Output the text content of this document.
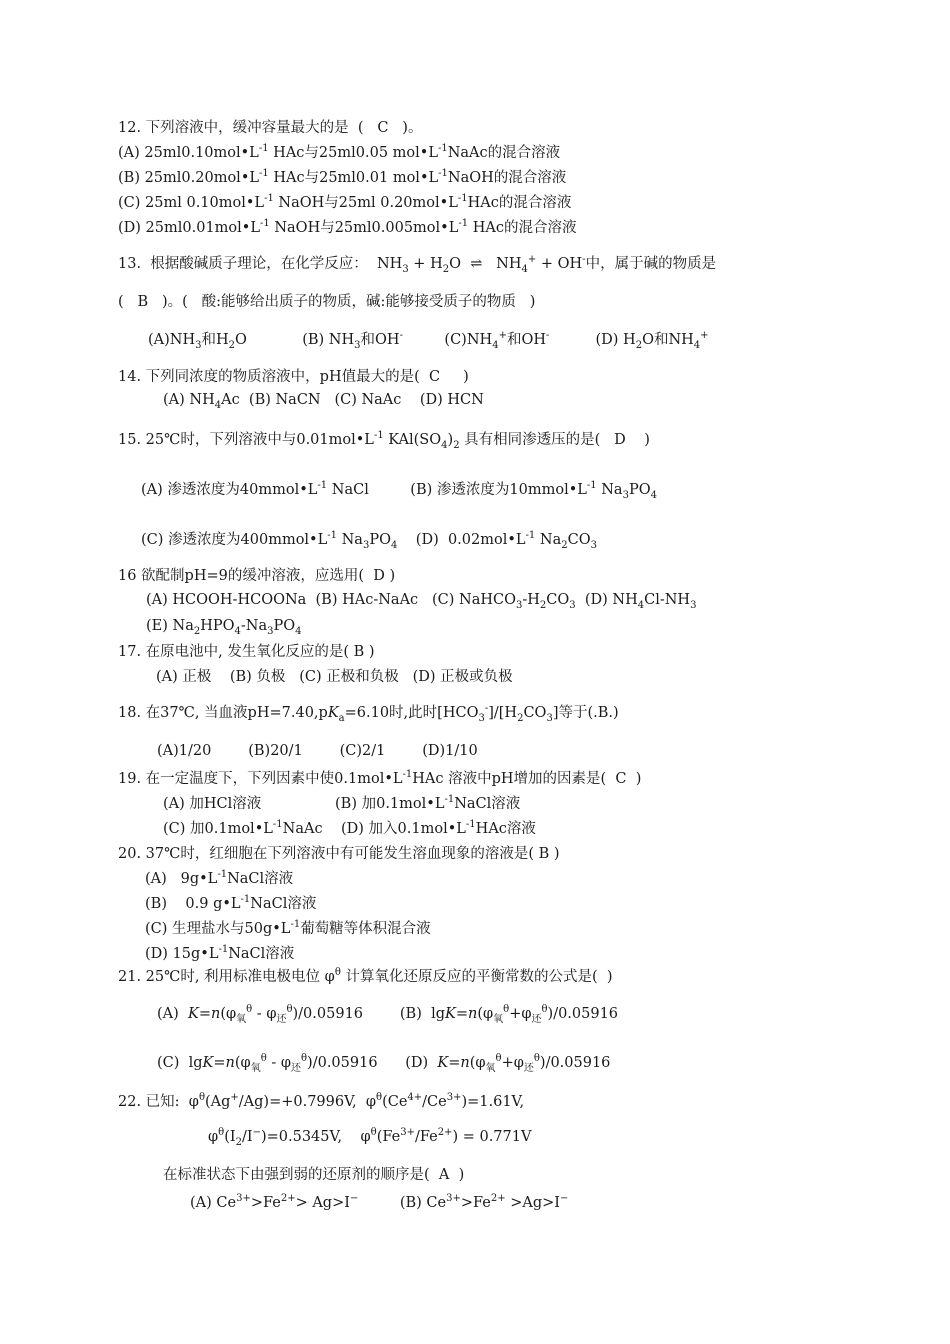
12. 下列溶液中，缓冲容量最大的是  (   C   )。
(A) $25ml0.10mol•L^{-1}$ HAc与25ml0.05 $mol•L^{-1}NaAc$的混合溶液
(B) $25ml0.20mol•L^{-1}$ HAc与25ml0.01 $mol•L^{-1}NaOH$的混合溶液
(C) 25ml $0.10mol•L^{-1}$ NaOH与25ml $0.20mol•L^{-1}HAc$的混合溶液
(D) $25ml0.01mol•L^{-1}$ NaOH与$25ml0.005mol•L^{-1}$ HAc的混合溶液
13.  根据酸碱质子理论，在化学反应：  $NH_3 + H_2O$  ⇌   $NH_4^+ + OH^-$中，属于碱的物质是
(   B   )。(   酸:能够给出质子的物质，碱:能够接受质子的物质   )
$(A)NH_3$和$H_2O$            (B) $NH_3$和OH-         $(C)NH_4^+$和OH-          (D) $H_2O$和$NH_4^+$
14. 下列同浓度的物质溶液中，pH值最大的是(  C     )
(A) $NH_4Ac$  (B) NaCN   (C) NaAc    (D) HCN
15. 25℃时，下列溶液中与$0.01mol•L^{-1}$ $KAl(SO_4)_2$ 具有相同渗透压的是(   D    )
(A) 渗透浓度为$40mmol•L^{-1}$ NaCl         (B) 渗透浓度为$10mmol•L^{-1}$ $Na_3PO_4$
(C) 渗透浓度为$400mmol•L^{-1}$ $Na_3PO_4$    (D)  $0.02mol•L^{-1}$ $Na_2CO_3$
16 欲配制pH=9的缓冲溶液，应选用(  D )
(A) HCOOH-HCOONa  (B) HAc-NaAc   (C) $NaHCO_3-H_2CO_3$  (D) $NH_4Cl-NH_3$
(E) $Na_2HPO_4-Na_3PO_4$
17. 在原电池中, 发生氧化反应的是( B )
(A) 正极    (B) 负极   (C) 正极和负极   (D) 正极或负极
18. 在37℃, 当血液$pH=7.40,pK_a=6.10$时,此时$[HCO_3^-]/[H_2CO_3]$等于(.B.)
(A)1/20        (B)20/1        (C)2/1        (D)1/10
19. 在一定温度下，下列因素中使$0.1mol•L^{-1}HAc$ 溶液中pH增加的因素是(  C  )
(A) 加HCl溶液                (B) 加$0.1mol•L^{-1}NaCl$溶液
(C) 加$0.1mol•L^{-1}NaAc$    (D) 加入$0.1mol•L^{-1}HAc$溶液
20. 37℃时，红细胞在下列溶液中有可能发生溶血现象的溶液是( B )
(A)   $9g•L^{-1}NaCl$溶液
(B)    0.9 $g•L^{-1}NaCl$溶液
(C) 生理盐水与$50g•L^{-1}$葡萄糖等体积混合液
(D) $15g•L^{-1}NaCl$溶液
21. 25℃时, 利用标准电极电位 $\varphi^\theta$ 计算氧化还原反应的平衡常数的公式是(  )
(A)  $K=n(\varphi_氧^\theta - \varphi_还^\theta)/0.05916$        (B)  $\lg K=n(\varphi_氧^\theta+\varphi_还^\theta)/0.05916$
(C)  $\lg K=n(\varphi_氧^\theta - \varphi_还^\theta)/0.05916$      (D)  $K=n(\varphi_氧^\theta+\varphi_还^\theta)/0.05916$
22. 已知:  $\varphi^\theta(Ag^+/Ag)=+0.7996V$,  $\varphi^\theta(Ce^{4+}/Ce^{3+})=1.61V$,
$\varphi^\theta(I_2/I^-)=0.5345V$,    $\varphi^\theta(Fe^{3+}/Fe^{2+}) = 0.771V$
在标准状态下由强到弱的还原剂的顺序是(  A  )
(A) $Ce^{3+}>Fe^{2+}> Ag>I^-$         (B) $Ce^{3+}>Fe^{2+} >Ag>I^-$
